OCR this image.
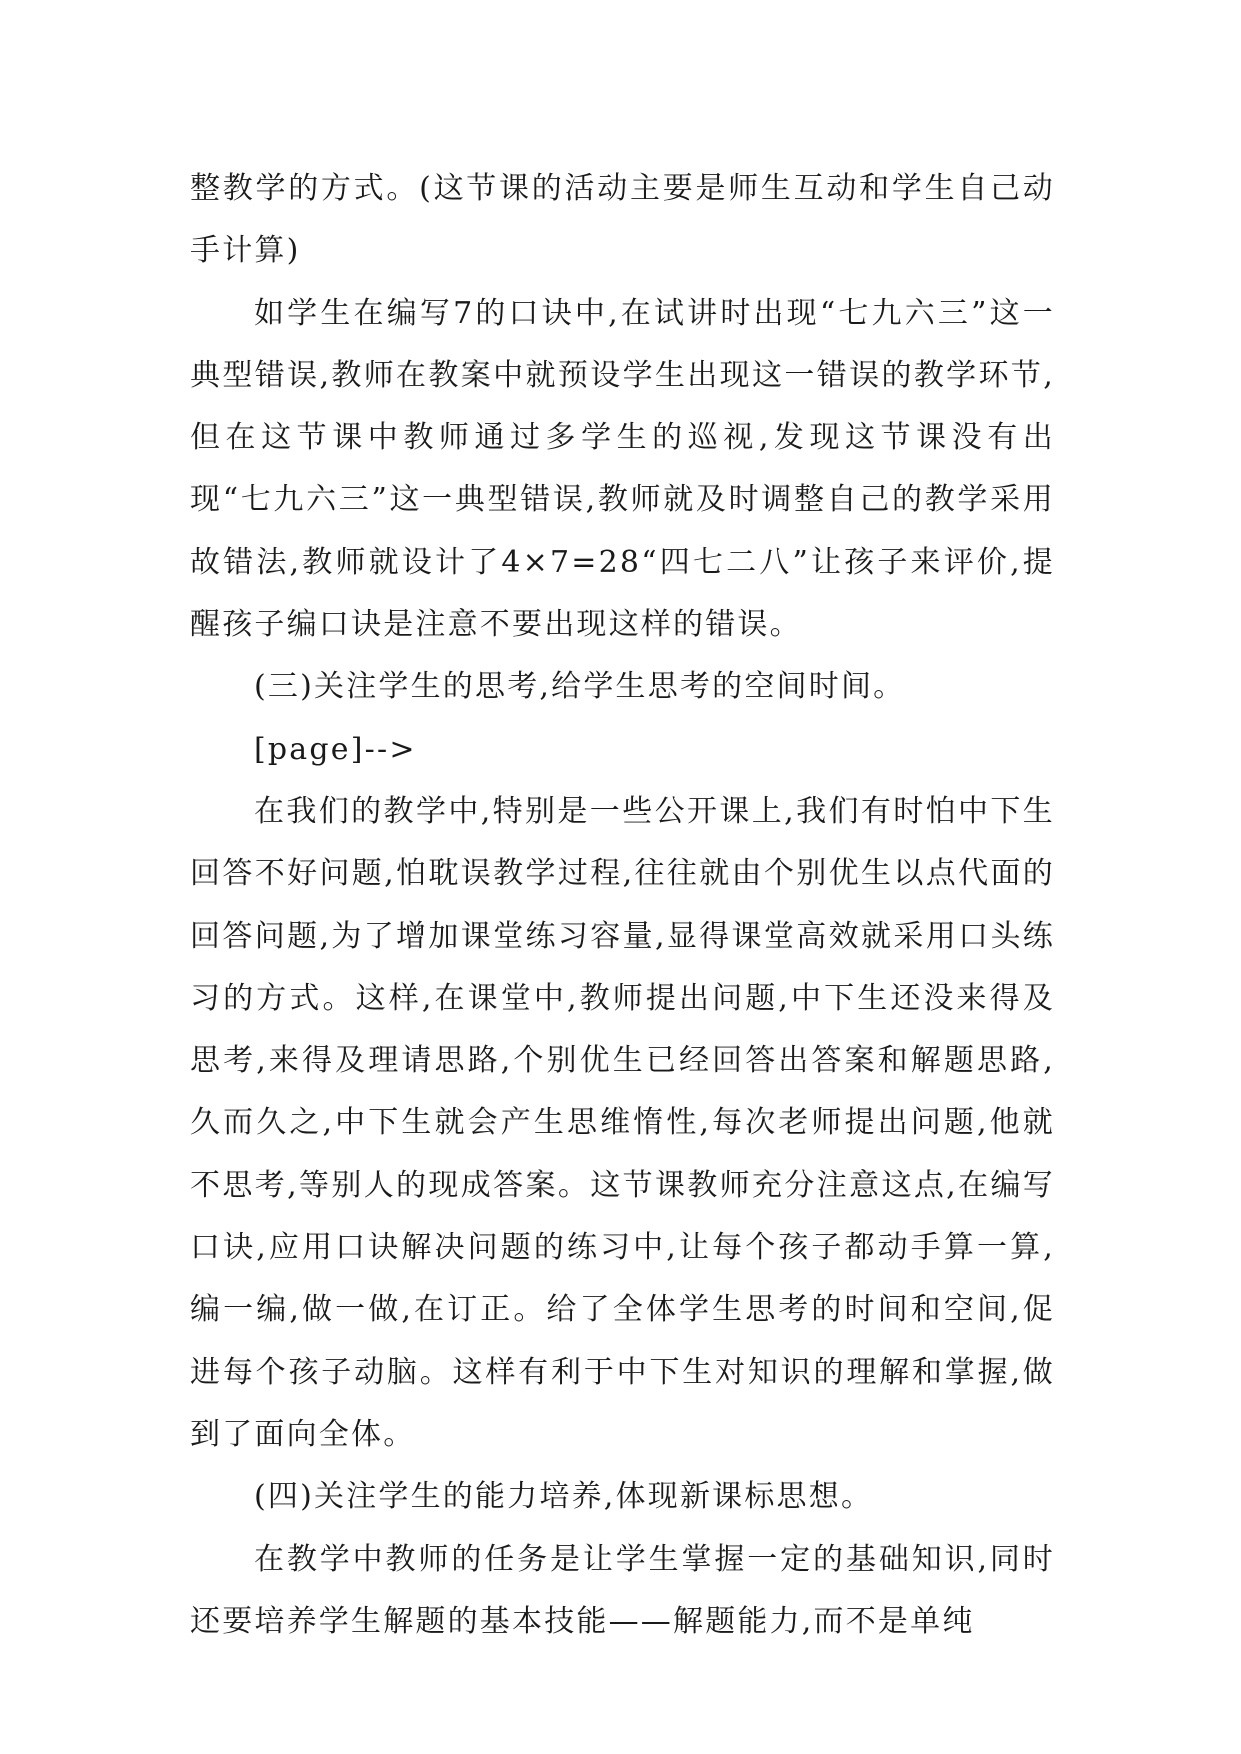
整教学的方式。(这节课的活动主要是师生互动和学生自己动手计算)

如学生在编写7的口诀中,在试讲时出现“七九六三”这一典型错误,教师在教案中就预设学生出现这一错误的教学环节,但在这节课中教师通过多学生的巡视,发现这节课没有出现“七九六三”这一典型错误,教师就及时调整自己的教学采用故错法,教师就设计了4×7=28“四七二八”让孩子来评价,提醒孩子编口诀是注意不要出现这样的错误。

(三)关注学生的思考,给学生思考的空间时间。

[page]-->

在我们的教学中,特别是一些公开课上,我们有时怕中下生回答不好问题,怕耽误教学过程,往往就由个别优生以点代面的回答问题,为了增加课堂练习容量,显得课堂高效就采用口头练习的方式。这样,在课堂中,教师提出问题,中下生还没来得及思考,来得及理请思路,个别优生已经回答出答案和解题思路,久而久之,中下生就会产生思维惰性,每次老师提出问题,他就不思考,等别人的现成答案。这节课教师充分注意这点,在编写口诀,应用口诀解决问题的练习中,让每个孩子都动手算一算,编一编,做一做,在订正。给了全体学生思考的时间和空间,促进每个孩子动脑。这样有利于中下生对知识的理解和掌握,做到了面向全体。

(四)关注学生的能力培养,体现新课标思想。

在教学中教师的任务是让学生掌握一定的基础知识,同时还要培养学生解题的基本技能——解题能力,而不是单纯
